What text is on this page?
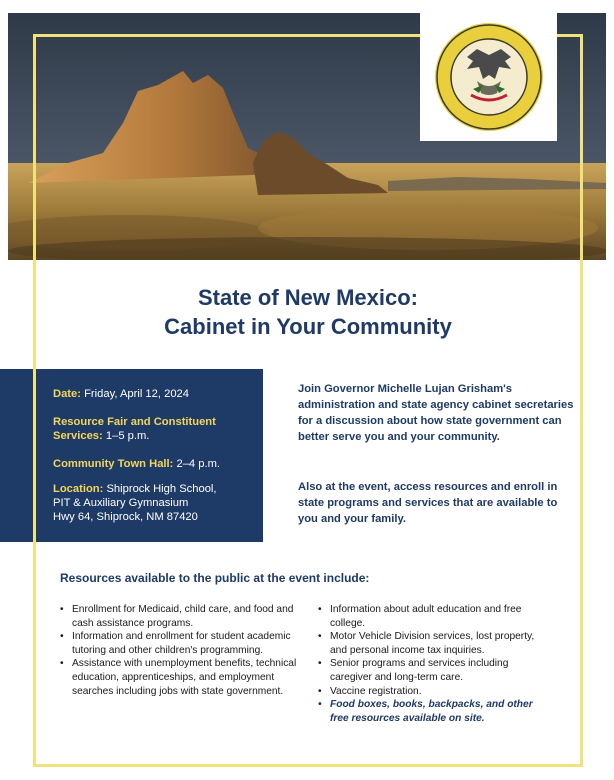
State of New Mexico:
Cabinet in Your Community
Date: Friday, April 12, 2024
Resource Fair and Constituent Services: 1–5 p.m.
Community Town Hall: 2–4 p.m.
Location: Shiprock High School,
PIT & Auxiliary Gymnasium
Hwy 64, Shiprock, NM 87420
Join Governor Michelle Lujan Grisham's administration and state agency cabinet secretaries for a discussion about how state government can better serve you and your community.
Also at the event, access resources and enroll in state programs and services that are available to you and your family.
Resources available to the public at the event include:
• Enrollment for Medicaid, child care, and food and cash assistance programs.
• Information and enrollment for student academic tutoring and other children's programming.
• Assistance with unemployment benefits, technical education, apprenticeships, and employment searches including jobs with state government.
• Information about adult education and free college.
• Motor Vehicle Division services, lost property, and personal income tax inquiries.
• Senior programs and services including caregiver and long-term care.
• Vaccine registration.
• Food boxes, books, backpacks, and other free resources available on site.
